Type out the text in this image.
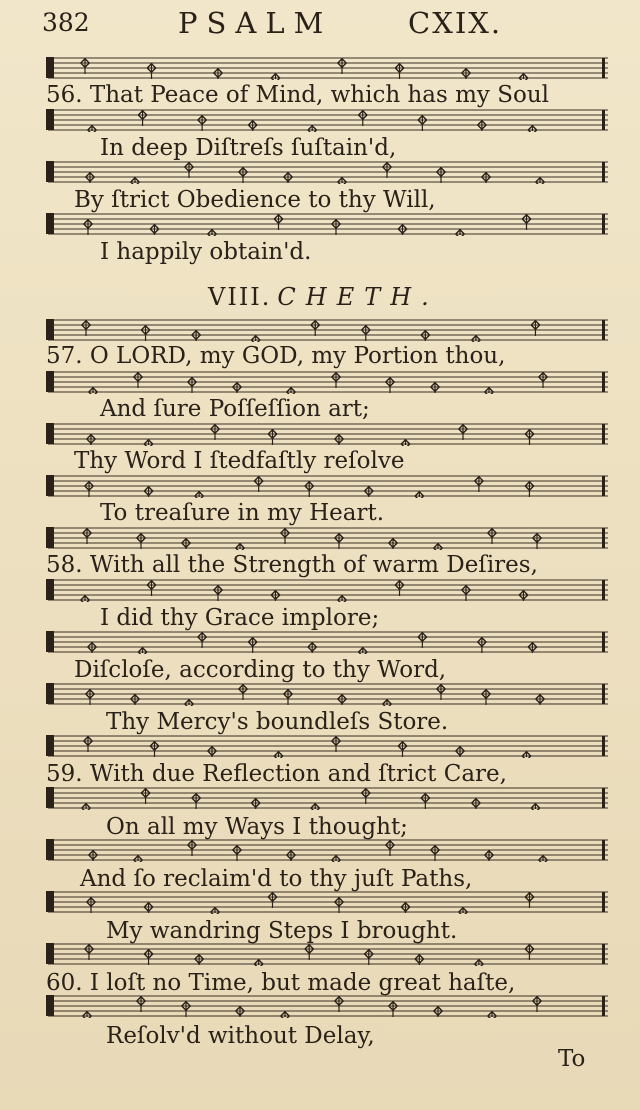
382	PSALM	CXIX.
56. That Peace of Mind, which has my Soul
In deep Diſtreſs ſuſtain'd,
By ſtrict Obedience to thy Will,
I happily obtain'd.
VIII. CHETH.
57. O LORD, my GOD, my Portion thou,
And ſure Poſſeſſion art;
Thy Word I ſtedfaſtly reſolve
To treaſure in my Heart.
58. With all the Strength of warm Deſires,
I did thy Grace implore;
Diſcloſe, according to thy Word,
Thy Mercy's boundleſs Store.
59. With due Reflection and ſtrict Care,
On all my Ways I thought;
And ſo reclaim'd to thy juſt Paths,
My wandring Steps I brought.
60. I loſt no Time, but made great haſte,
Reſolv'd without Delay,
To
